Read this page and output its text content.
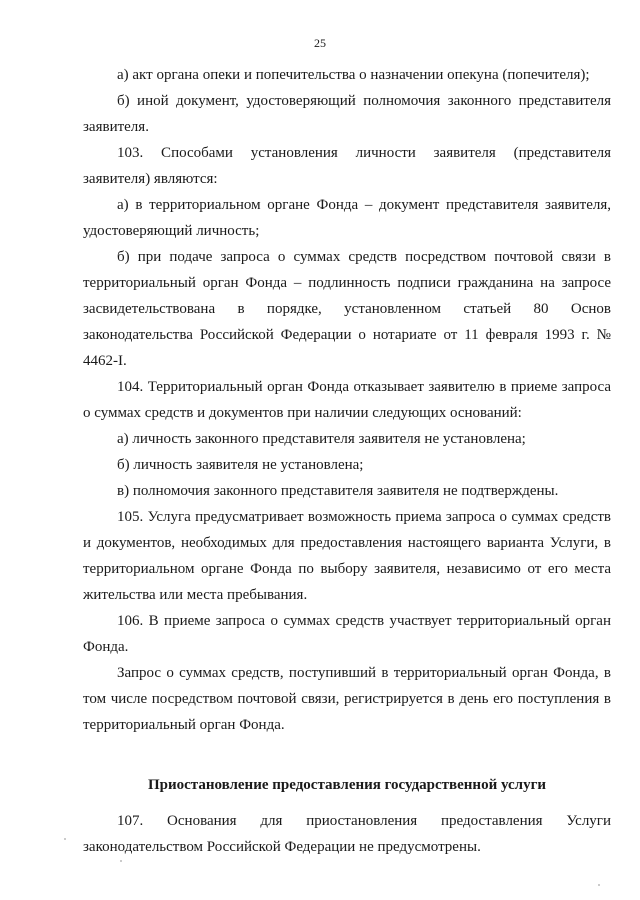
25

а) акт органа опеки и попечительства о назначении опекуна (попечителя);

б) иной документ, удостоверяющий полномочия законного представителя заявителя.

103. Способами установления личности заявителя (представителя заявителя) являются:

а) в территориальном органе Фонда – документ представителя заявителя, удостоверяющий личность;

б) при подаче запроса о суммах средств посредством почтовой связи в территориальный орган Фонда – подлинность подписи гражданина на запросе засвидетельствована в порядке, установленном статьей 80 Основ законодательства Российской Федерации о нотариате от 11 февраля 1993 г. № 4462-I.

104. Территориальный орган Фонда отказывает заявителю в приеме запроса о суммах средств и документов при наличии следующих оснований:

а) личность законного представителя заявителя не установлена;

б) личность заявителя не установлена;

в) полномочия законного представителя заявителя не подтверждены.

105. Услуга предусматривает возможность приема запроса о суммах средств и документов, необходимых для предоставления настоящего варианта Услуги, в территориальном органе Фонда по выбору заявителя, независимо от его места жительства или места пребывания.

106. В приеме запроса о суммах средств участвует территориальный орган Фонда.

Запрос о суммах средств, поступивший в территориальный орган Фонда, в том числе посредством почтовой связи, регистрируется в день его поступления в территориальный орган Фонда.

Приостановление предоставления государственной услуги

107. Основания для приостановления предоставления Услуги законодательством Российской Федерации не предусмотрены.
